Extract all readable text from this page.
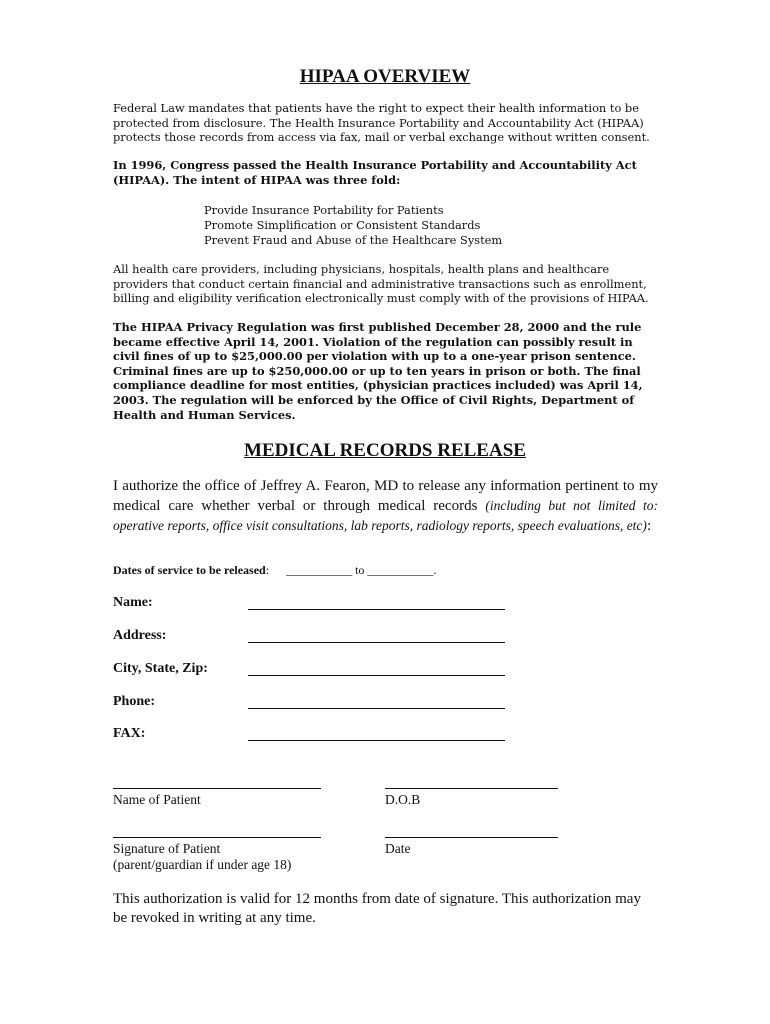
HIPAA OVERVIEW

Federal Law mandates that patients have the right to expect their health information to be protected from disclosure. The Health Insurance Portability and Accountability Act (HIPAA) protects those records from access via fax, mail or verbal exchange without written consent.

In 1996, Congress passed the Health Insurance Portability and Accountability Act (HIPAA). The intent of HIPAA was three fold:

Provide Insurance Portability for Patients
Promote Simplification or Consistent Standards
Prevent Fraud and Abuse of the Healthcare System

All health care providers, including physicians, hospitals, health plans and healthcare providers that conduct certain financial and administrative transactions such as enrollment, billing and eligibility verification electronically must comply with of the provisions of HIPAA.

The HIPAA Privacy Regulation was first published December 28, 2000 and the rule became effective April 14, 2001. Violation of the regulation can possibly result in civil fines of up to $25,000.00 per violation with up to a one-year prison sentence. Criminal fines are up to $250,000.00 or up to ten years in prison or both. The final compliance deadline for most entities, (physician practices included) was April 14, 2003. The regulation will be enforced by the Office of Civil Rights, Department of Health and Human Services.

MEDICAL RECORDS RELEASE

I authorize the office of Jeffrey A. Fearon, MD to release any information pertinent to my medical care whether verbal or through medical records (including but not limited to: operative reports, office visit consultations, lab reports, radiology reports, speech evaluations, etc):

Dates of service to be released: ___________ to ___________.

Name:
Address:
City, State, Zip:
Phone:
FAX:
Name of Patient	D.O.B
Signature of Patient
(parent/guardian if under age 18)
Date

This authorization is valid for 12 months from date of signature. This authorization may be revoked in writing at any time.
